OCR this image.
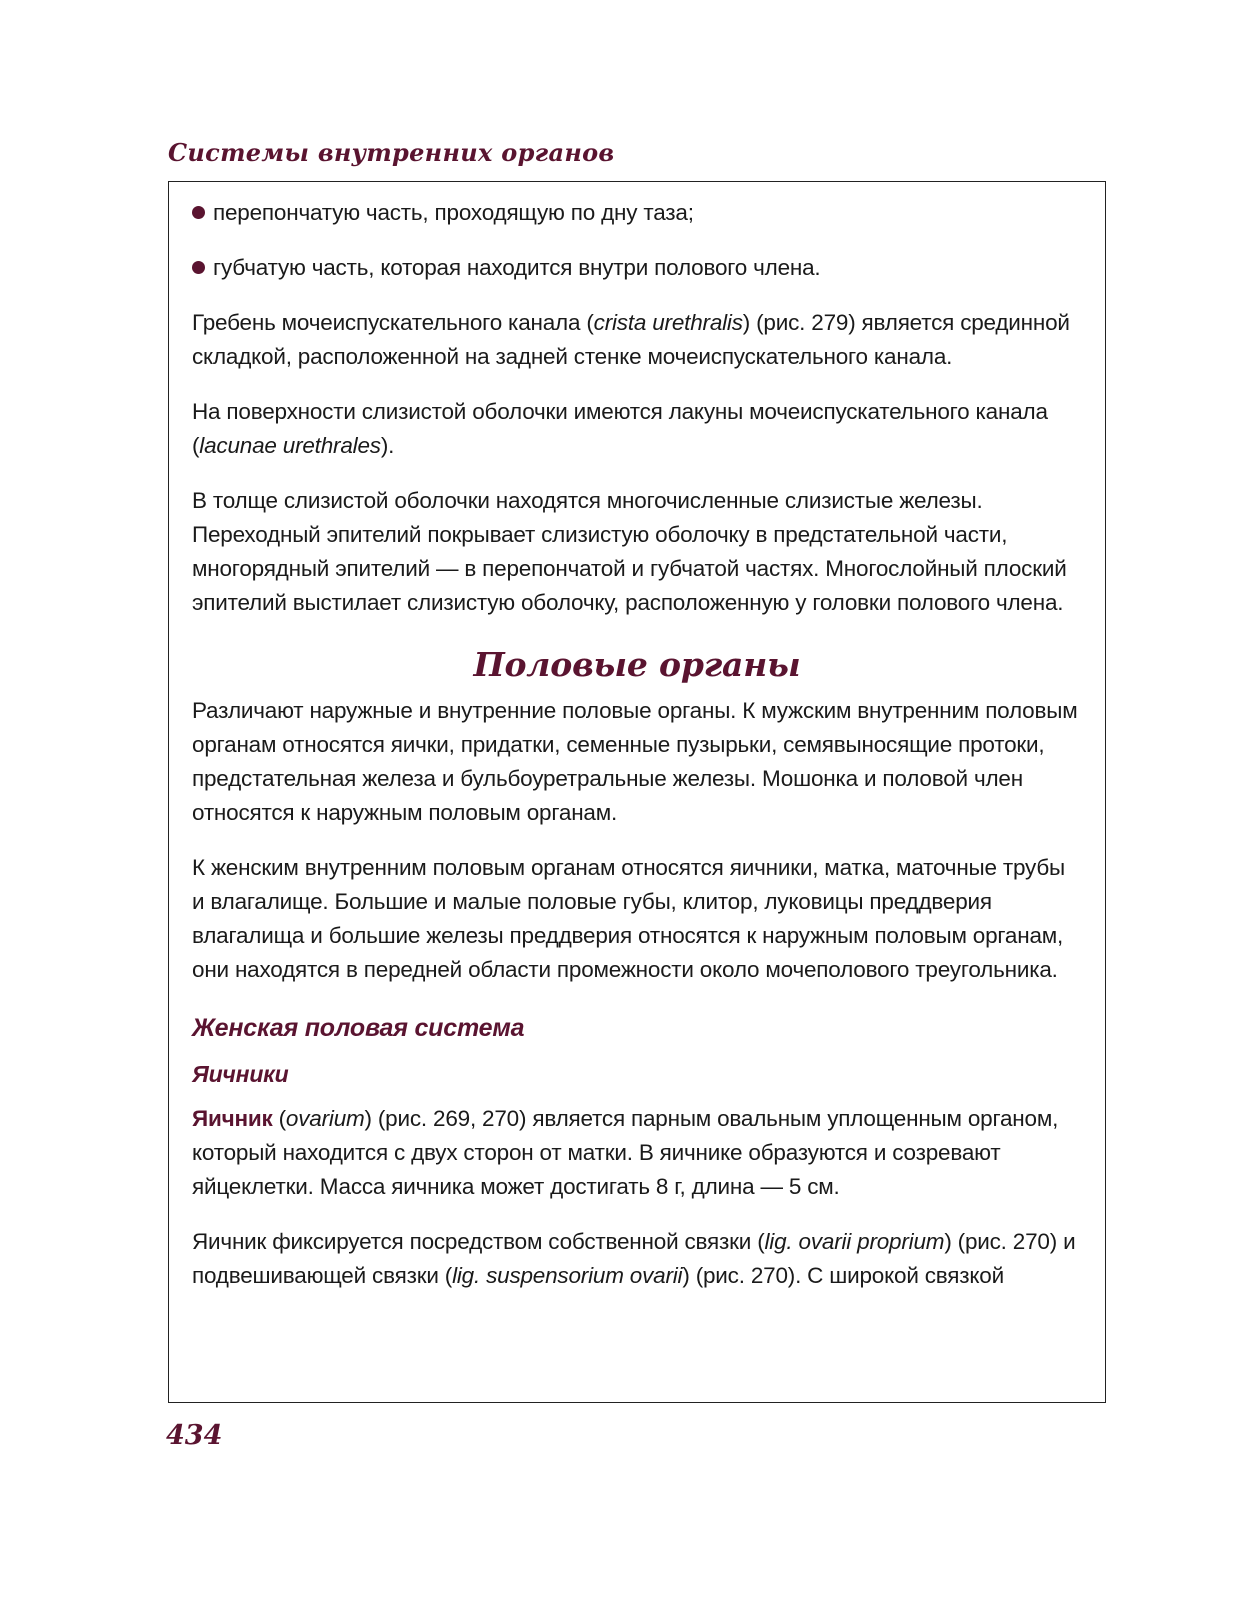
Системы внутренних органов
перепончатую часть, проходящую по дну таза;
губчатую часть, которая находится внутри полового члена.

Гребень мочеиспускательного канала (crista urethralis) (рис. 279) является срединной складкой, расположенной на задней стенке мочеиспускательного канала.

На поверхности слизистой оболочки имеются лакуны мочеиспускательного канала (lacunae urethrales).

В толще слизистой оболочки находятся многочисленные слизистые железы. Переходный эпителий покрывает слизистую оболочку в предстательной части, многорядный эпителий — в перепончатой и губчатой частях. Многослойный плоский эпителий выстилает слизистую оболочку, расположенную у головки полового члена.

Половые органы

Различают наружные и внутренние половые органы. К мужским внутренним половым органам относятся яички, придатки, семенные пузырьки, семявыносящие протоки, предстательная железа и бульбоуретральные железы. Мошонка и половой член относятся к наружным половым органам.

К женским внутренним половым органам относятся яичники, матка, маточные трубы и влагалище. Большие и малые половые губы, клитор, луковицы преддверия влагалища и большие железы преддверия относятся к наружным половым органам, они находятся в передней области промежности около мочеполового треугольника.

Женская половая система
Яичники

Яичник (ovarium) (рис. 269, 270) является парным овальным уплощенным органом, который находится с двух сторон от матки. В яичнике образуются и созревают яйцеклетки. Масса яичника может достигать 8 г, длина — 5 см.

Яичник фиксируется посредством собственной связки (lig. ovarii proprium) (рис. 270) и подвешивающей связки (lig. suspensorium ovarii) (рис. 270). С широкой связкой

434
